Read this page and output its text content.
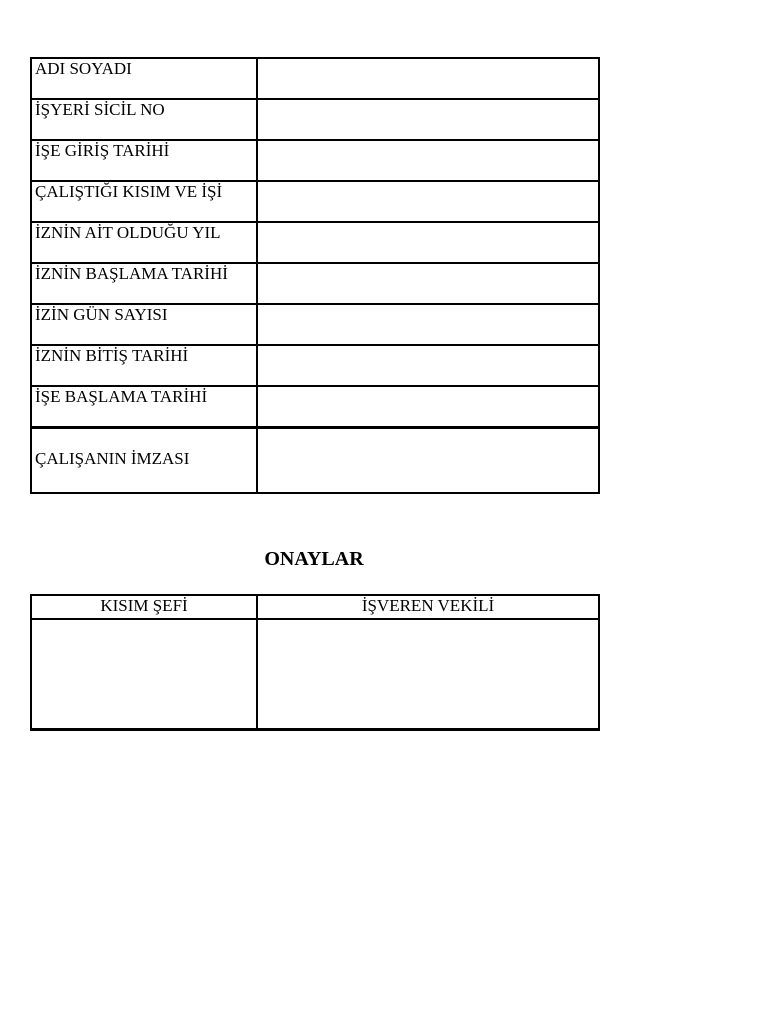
ADI SOYADI	
İŞYERİ SİCİL NO	
İŞE GİRİŞ TARİHİ	
ÇALIŞTIĞI KISIM VE İŞİ	
İZNİN AİT OLDUĞU YIL	
İZNİN BAŞLAMA TARİHİ	
İZİN GÜN SAYISI	
İZNİN BİTİŞ TARİHİ	
İŞE BAŞLAMA TARİHİ	
ÇALIŞANIN İMZASI	
ONAYLAR
KISIM ŞEFİ	İŞVEREN VEKİLİ
